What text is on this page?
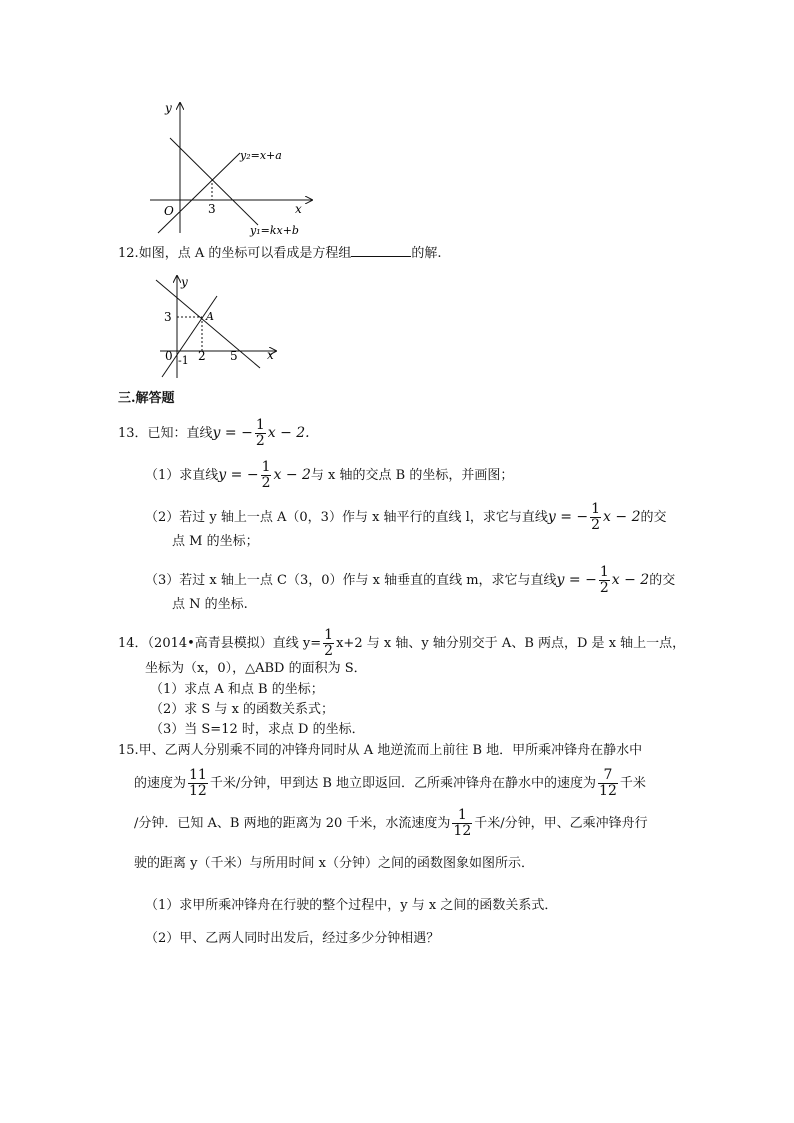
y
x
O	3
y₂=x+a
y₁=kx+b
12.如图，点 A 的坐标可以看成是方程组	的解.
y
x
A
3
0 -1 2 5
三.解答题
13．已知：直线y = − $\frac{1}{2}$ x − 2.
（1）求直线y = − $\frac{1}{2}$ x − 2与 x 轴的交点 B 的坐标，并画图；
（2）若过 y 轴上一点 A（0，3）作与 x 轴平行的直线 l，求它与直线y = − $\frac{1}{2}$ x − 2的交
点 M 的坐标；
（3）若过 x 轴上一点 C（3，0）作与 x 轴垂直的直线 m，求它与直线y = − $\frac{1}{2}$ x − 2的交
点 N 的坐标.
14．（2014•高青县模拟）直线 $y= \frac{1}{2} x+2$ 与 x 轴、y 轴分别交于 A、B 两点，D 是 x 轴上一点，
坐标为（x，0），△ABD 的面积为 S．
（1）求点 A 和点 B 的坐标；
（2）求 S 与 x 的函数关系式；
（3）当 S=12 时，求点 D 的坐标．
15.甲、乙两人分别乘不同的冲锋舟同时从 A 地逆流而上前往 B 地．甲所乘冲锋舟在静水中
的速度为 $\frac{11}{12}$ 千米/分钟，甲到达 B 地立即返回．乙所乘冲锋舟在静水中的速度为 $\frac{7}{12}$ 千米
/分钟．已知 A、B 两地的距离为 20 千米，水流速度为 $\frac{1}{12}$ 千米/分钟，甲、乙乘冲锋舟行
驶的距离 y（千米）与所用时间 x（分钟）之间的函数图象如图所示．
（1）求甲所乘冲锋舟在行驶的整个过程中，y 与 x 之间的函数关系式．
（2）甲、乙两人同时出发后，经过多少分钟相遇？
